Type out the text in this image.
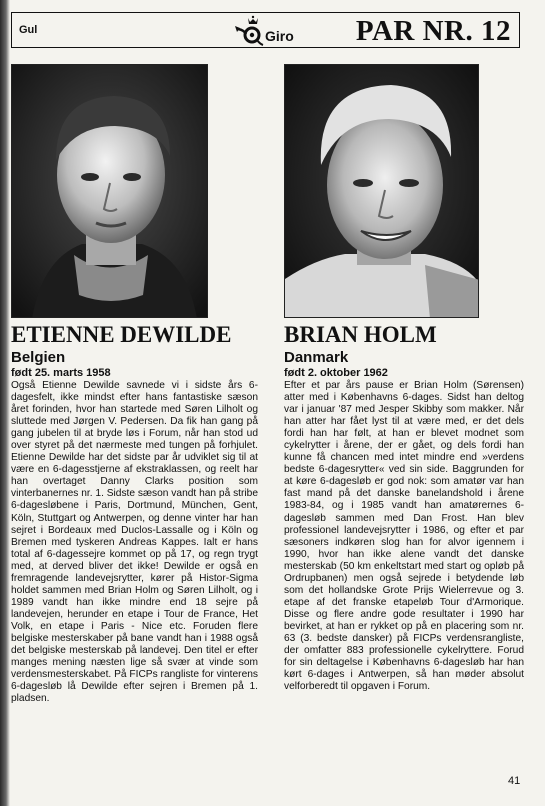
Gul	Giro PAR NR. 12
ETIENNE DEWILDE
Belgien
født 25. marts 1958

Også Etienne Dewilde savnede vi i sidste års 6-dagesfelt, ikke mindst efter hans fantastiske sæson året forinden, hvor han startede med Søren Lilholt og sluttede med Jørgen V. Pedersen. Da fik han gang på gang jubelen til at bryde løs i Forum, når han stod ud over styret på det nærmeste med tungen på forhjulet. Etienne Dewilde har det sidste par år udviklet sig til at være en 6-dagesstjerne af ekstraklassen, og reelt har han overtaget Danny Clarks position som vinterbanernes nr. 1. Sidste sæson vandt han på stribe 6-dagesløbene i Paris, Dortmund, München, Gent, Köln, Stuttgart og Antwerpen, og denne vinter har han sejret i Bordeaux med Duclos-Lassalle og i Köln og Bremen med tyskeren Andreas Kappes. Ialt er hans total af 6-dagessejre kommet op på 17, og regn trygt med, at derved bliver det ikke! Dewilde er også en fremragende landevejsrytter, kører på Histor-Sigma holdet sammen med Brian Holm og Søren Lilholt, og i 1989 vandt han ikke mindre end 18 sejre på landevejen, herunder en etape i Tour de France, Het Volk, en etape i Paris - Nice etc. Foruden flere belgiske mesterskaber på bane vandt han i 1988 også det belgiske mesterskab på landevej. Den titel er efter manges mening næsten lige så svær at vinde som verdensmesterskabet. På FICPs rangliste for vinterens 6-dagesløb lå Dewilde efter sejren i Bremen på 1. pladsen.

BRIAN HOLM
Danmark
født 2. oktober 1962

Efter et par års pause er Brian Holm (Sørensen) atter med i Københavns 6-dages. Sidst han deltog var i januar '87 med Jesper Skibby som makker. Når han atter har fået lyst til at være med, er det dels fordi han har følt, at han er blevet modnet som cykelrytter i årene, der er gået, og dels fordi han kunne få chancen med intet mindre end »verdens bedste 6-dagesrytter« ved sin side. Baggrunden for at køre 6-dagesløb er god nok: som amatør var han fast mand på det danske banelandshold i årene 1983-84, og i 1985 vandt han amatørernes 6-dagesløb sammen med Dan Frost. Han blev professionel landevejsrytter i 1986, og efter et par sæsoners indkøren slog han for alvor igennem i 1990, hvor han ikke alene vandt det danske mesterskab (50 km enkeltstart med start og opløb på Ordrupbanen) men også sejrede i betydende løb som det hollandske Grote Prijs Wielerrevue og 3. etape af det franske etapeløb Tour d'Armorique. Disse og flere andre gode resultater i 1990 har bevirket, at han er rykket op på en placering som nr. 63 (3. bedste dansker) på FICPs verdensrangliste, der omfatter 883 professionelle cykelryttere. Forud for sin deltagelse i Københavns 6-dagesløb har han kørt 6-dages i Antwerpen, så han møder absolut velforberedt til opgaven i Forum.

41
